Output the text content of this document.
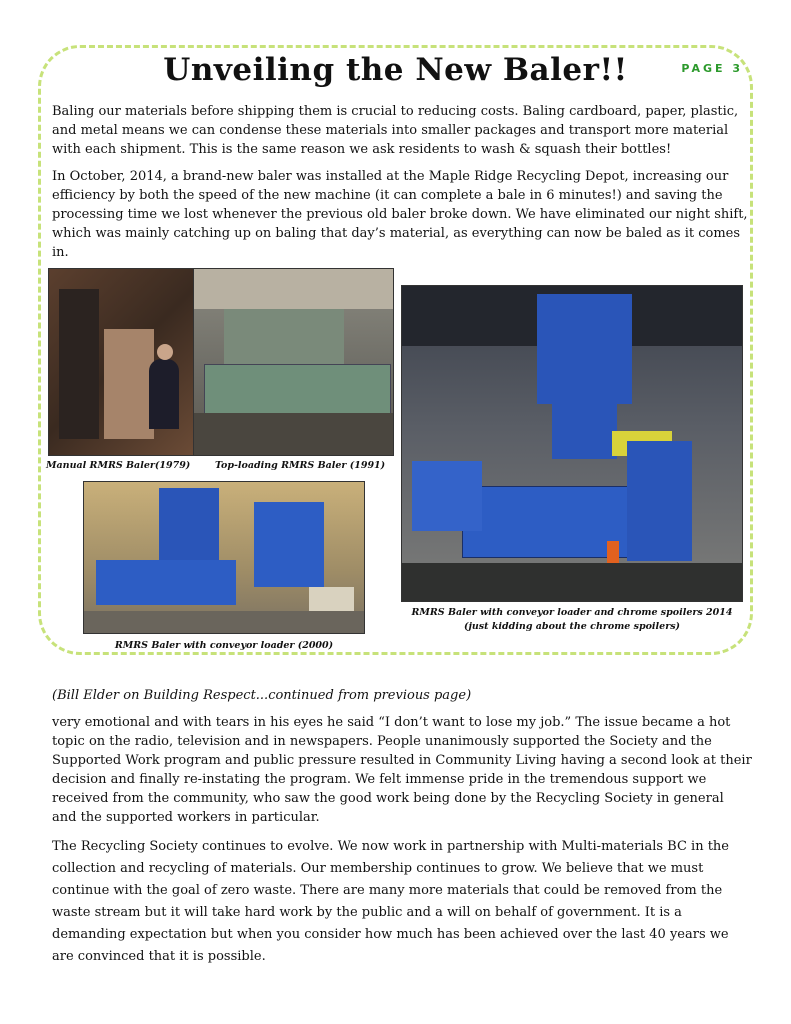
Unveiling the New Baler!!	PAGE 3

Baling our materials before shipping them is crucial to reducing costs. Baling cardboard, paper, plastic, and metal means we can condense these materials into smaller packages and transport more material with each shipment. This is the same reason we ask residents to wash & squash their bottles!

In October, 2014, a brand-new baler was installed at the Maple Ridge Recycling Depot, increasing our efficiency by both the speed of the new machine (it can complete a bale in 6 minutes!) and saving the processing time we lost whenever the previous old baler broke down. We have eliminated our night shift, which was mainly catching up on baling that day’s material, as everything can now be baled as it comes in.

Manual RMRS Baler(1979)	Top-loading RMRS Baler (1991)

RMRS Baler with conveyor loader (2000)

RMRS Baler with conveyor loader and chrome spoilers 2014

(just kidding about the chrome spoilers)

(Bill Elder on Building Respect...continued from previous page)

very emotional and with tears in his eyes he said “I don’t want to lose my job.” The issue became a hot topic on the radio, television and in newspapers. People unanimously supported the Society and the Supported Work program and public pressure resulted in Community Living having a second look at their decision and finally re-instating the program. We felt immense pride in the tremendous support we received from the community, who saw the good work being done by the Recycling Society in general and the supported workers in particular.

The Recycling Society continues to evolve. We now work in partnership with Multi-materials BC in the collection and recycling of materials. Our membership continues to grow. We believe that we must continue with the goal of zero waste. There are many more materials that could be removed from the waste stream but it will take hard work by the public and a will on behalf of government. It is a demanding expectation but when you consider how much has been achieved over the last 40 years we are convinced that it is possible.
